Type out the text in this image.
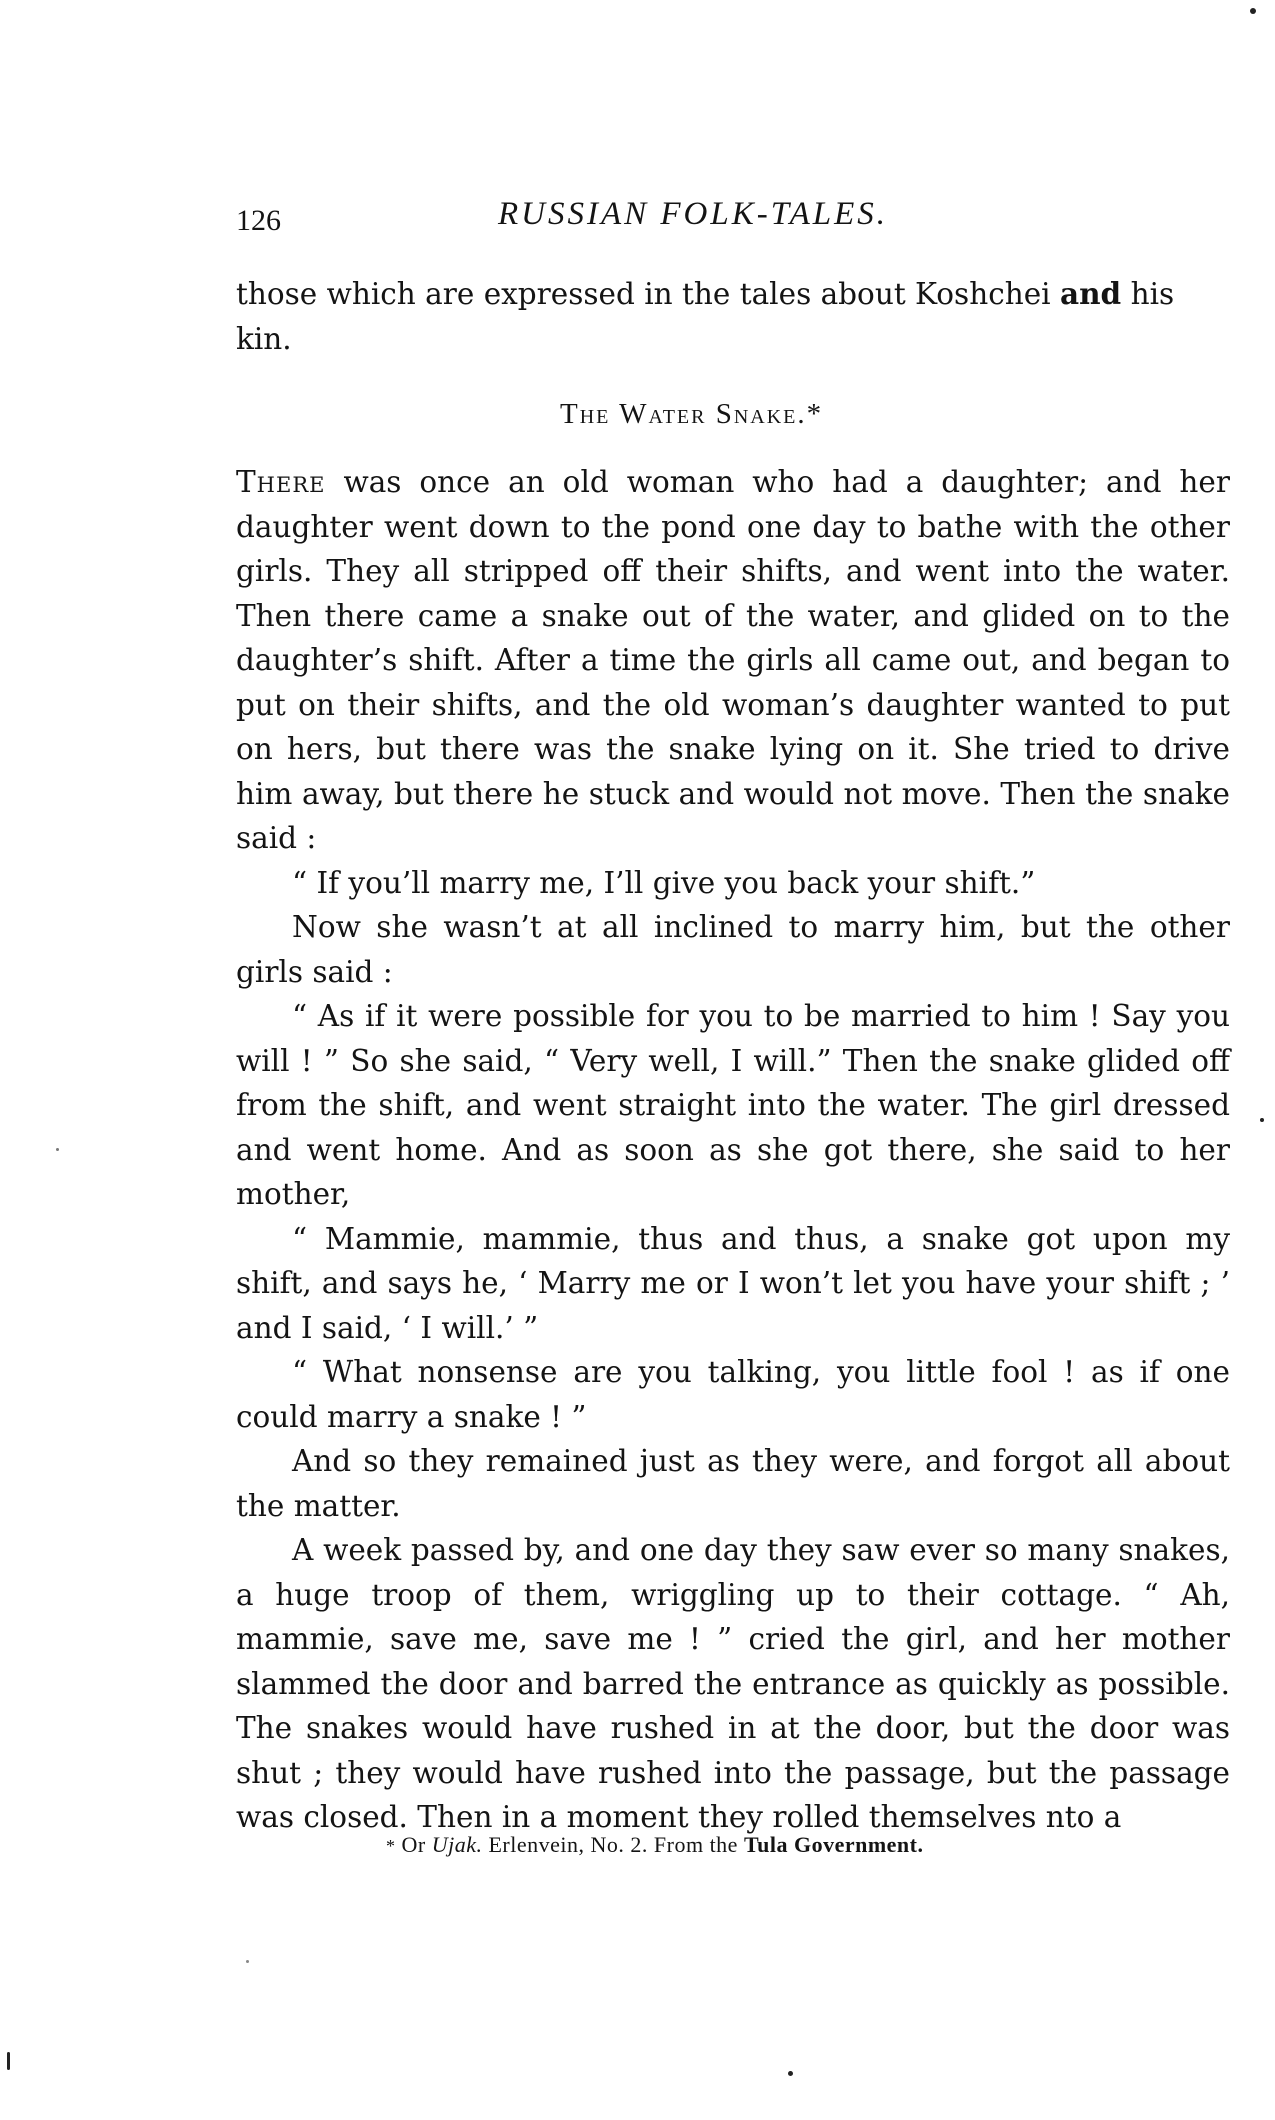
126	RUSSIAN FOLK-TALES.
those which are expressed in the tales about Koshchei and his kin.
The Water Snake.*

There was once an old woman who had a daughter; and her daughter went down to the pond one day to bathe with the other girls. They all stripped off their shifts, and went into the water. Then there came a snake out of the water, and glided on to the daughter’s shift. After a time the girls all came out, and began to put on their shifts, and the old woman’s daughter wanted to put on hers, but there was the snake lying on it. She tried to drive him away, but there he stuck and would not move. Then the snake said :

“ If you’ll marry me, I’ll give you back your shift.”

Now she wasn’t at all inclined to marry him, but the other girls said :

“ As if it were possible for you to be married to him ! Say you will ! ” So she said, “ Very well, I will.” Then the snake glided off from the shift, and went straight into the water. The girl dressed and went home. And as soon as she got there, she said to her mother,

“ Mammie, mammie, thus and thus, a snake got upon my shift, and says he, ‘ Marry me or I won’t let you have your shift ; ’ and I said, ‘ I will.’ ”

“ What nonsense are you talking, you little fool ! as if one could marry a snake ! ”

And so they remained just as they were, and forgot all about the matter.

A week passed by, and one day they saw ever so many snakes, a huge troop of them, wriggling up to their cottage. “ Ah, mammie, save me, save me ! ” cried the girl, and her mother slammed the door and barred the entrance as quickly as possible. The snakes would have rushed in at the door, but the door was shut ; they would have rushed into the passage, but the passage was closed. Then in a moment they rolled themselves nto a

* Or Ujak. Erlenvein, No. 2. From the Tula Government.
